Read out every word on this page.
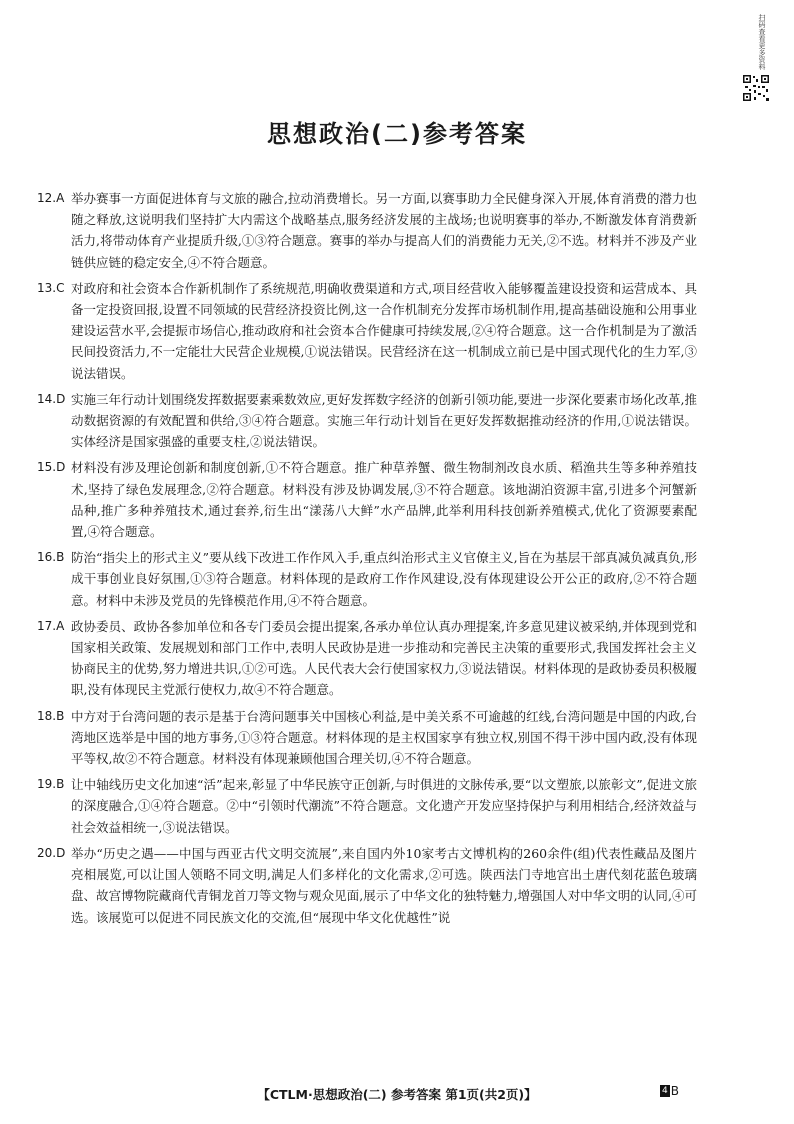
扫码查看更多资料
思想政治(二)参考答案
12.A 举办赛事一方面促进体育与文旅的融合,拉动消费增长。另一方面,以赛事助力全民健身深入开展,体育消费的潜力也随之释放,这说明我们坚持扩大内需这个战略基点,服务经济发展的主战场;也说明赛事的举办,不断激发体育消费新活力,将带动体育产业提质升级,①③符合题意。赛事的举办与提高人们的消费能力无关,②不选。材料并不涉及产业链供应链的稳定安全,④不符合题意。
13.C 对政府和社会资本合作新机制作了系统规范,明确收费渠道和方式,项目经营收入能够覆盖建设投资和运营成本、具备一定投资回报,设置不同领域的民营经济投资比例,这一合作机制充分发挥市场机制作用,提高基础设施和公用事业建设运营水平,会提振市场信心,推动政府和社会资本合作健康可持续发展,②④符合题意。这一合作机制是为了激活民间投资活力,不一定能壮大民营企业规模,①说法错误。民营经济在这一机制成立前已是中国式现代化的生力军,③说法错误。
14.D 实施三年行动计划围绕发挥数据要素乘数效应,更好发挥数字经济的创新引领功能,要进一步深化要素市场化改革,推动数据资源的有效配置和供给,③④符合题意。实施三年行动计划旨在更好发挥数据推动经济的作用,①说法错误。实体经济是国家强盛的重要支柱,②说法错误。
15.D 材料没有涉及理论创新和制度创新,①不符合题意。推广种草养蟹、微生物制剂改良水质、稻渔共生等多种养殖技术,坚持了绿色发展理念,②符合题意。材料没有涉及协调发展,③不符合题意。该地湖泊资源丰富,引进多个河蟹新品种,推广多种养殖技术,通过套养,衍生出“漾荡八大鲜”水产品牌,此举利用科技创新养殖模式,优化了资源要素配置,④符合题意。
16.B 防治“指尖上的形式主义”要从线下改进工作作风入手,重点纠治形式主义官僚主义,旨在为基层干部真减负减真负,形成干事创业良好氛围,①③符合题意。材料体现的是政府工作作风建设,没有体现建设公开公正的政府,②不符合题意。材料中未涉及党员的先锋模范作用,④不符合题意。
17.A 政协委员、政协各参加单位和各专门委员会提出提案,各承办单位认真办理提案,许多意见建议被采纳,并体现到党和国家相关政策、发展规划和部门工作中,表明人民政协是进一步推动和完善民主决策的重要形式,我国发挥社会主义协商民主的优势,努力增进共识,①②可选。人民代表大会行使国家权力,③说法错误。材料体现的是政协委员积极履职,没有体现民主党派行使权力,故④不符合题意。
18.B 中方对于台湾问题的表示是基于台湾问题事关中国核心利益,是中美关系不可逾越的红线,台湾问题是中国的内政,台湾地区选举是中国的地方事务,①③符合题意。材料体现的是主权国家享有独立权,别国不得干涉中国内政,没有体现平等权,故②不符合题意。材料没有体现兼顾他国合理关切,④不符合题意。
19.B 让中轴线历史文化加速“活”起来,彰显了中华民族守正创新,与时俱进的文脉传承,要“以文塑旅,以旅彰文”,促进文旅的深度融合,①④符合题意。②中“引领时代潮流”不符合题意。文化遗产开发应坚持保护与利用相结合,经济效益与社会效益相统一,③说法错误。
20.D 举办“历史之遇——中国与西亚古代文明交流展”,来自国内外10家考古文博机构的260余件(组)代表性藏品及图片亮相展览,可以让国人领略不同文明,满足人们多样化的文化需求,②可选。陕西法门寺地宫出土唐代刻花蓝色玻璃盘、故宫博物院藏商代青铜龙首刀等文物与观众见面,展示了中华文化的独特魅力,增强国人对中华文明的认同,④可选。该展览可以促进不同民族文化的交流,但“展现中华文化优越性”说
【CTLM·思想政治(二) 参考答案 第1页(共2页)】	4 B
